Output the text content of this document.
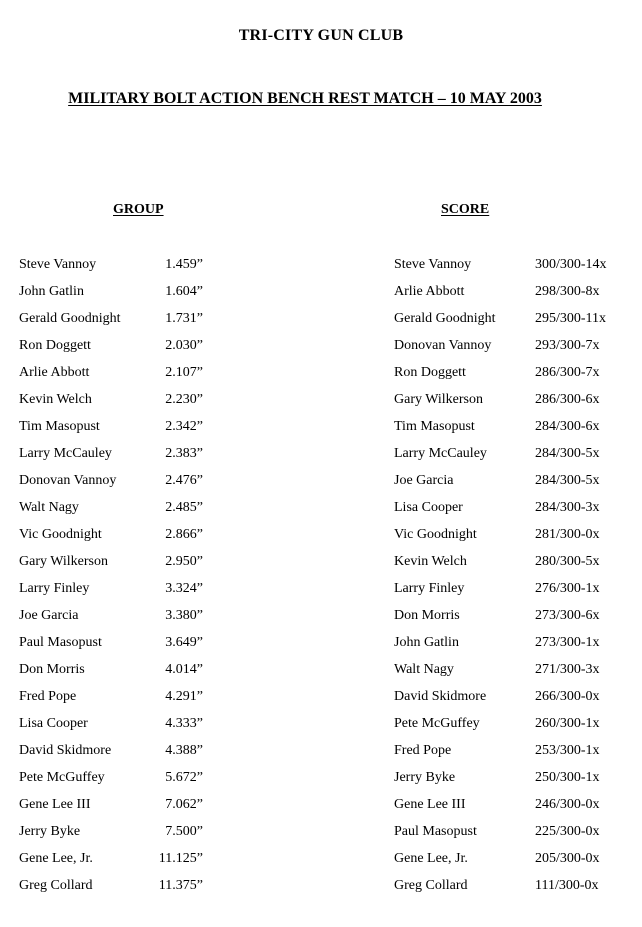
TRI-CITY GUN CLUB
MILITARY BOLT ACTION BENCH REST MATCH – 10 MAY 2003
GROUP	SCORE
Steve Vannoy	1.459”
John Gatlin	1.604”
Gerald Goodnight	1.731”
Ron Doggett	2.030”
Arlie Abbott	2.107”
Kevin Welch	2.230”
Tim Masopust	2.342”
Larry McCauley	2.383”
Donovan Vannoy	2.476”
Walt Nagy	2.485”
Vic Goodnight	2.866”
Gary Wilkerson	2.950”
Larry Finley	3.324”
Joe Garcia	3.380”
Paul Masopust	3.649”
Don Morris	4.014”
Fred Pope	4.291”
Lisa Cooper	4.333”
David Skidmore	4.388”
Pete McGuffey	5.672”
Gene Lee III	7.062”
Jerry Byke	7.500”
Gene Lee, Jr.	11.125”
Greg Collard	11.375”
Steve Vannoy	300/300-14x
Arlie Abbott	298/300-8x
Gerald Goodnight	295/300-11x
Donovan Vannoy	293/300-7x
Ron Doggett	286/300-7x
Gary Wilkerson	286/300-6x
Tim Masopust	284/300-6x
Larry McCauley	284/300-5x
Joe Garcia	284/300-5x
Lisa Cooper	284/300-3x
Vic Goodnight	281/300-0x
Kevin Welch	280/300-5x
Larry Finley	276/300-1x
Don Morris	273/300-6x
John Gatlin	273/300-1x
Walt Nagy	271/300-3x
David Skidmore	266/300-0x
Pete McGuffey	260/300-1x
Fred Pope	253/300-1x
Jerry Byke	250/300-1x
Gene Lee III	246/300-0x
Paul Masopust	225/300-0x
Gene Lee, Jr.	205/300-0x
Greg Collard	111/300-0x
